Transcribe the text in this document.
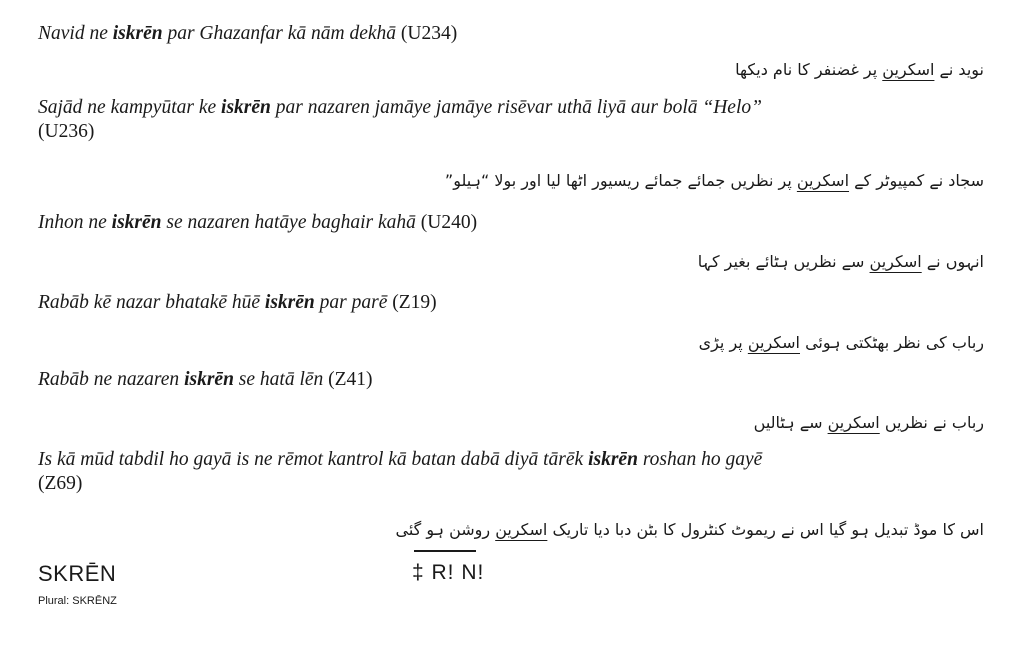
Navid ne iskrēn par Ghazanfar kā nām dekhā (U234)
نوید نے اسکرین پر غضنفر کا نام دیکھا
Sajād ne kampyūtar ke iskrēn par nazaren jamāye jamāye risēvar uthā liyā aur bolā “Helo”
(U236)
سجاد نے کمپیوٹر کے اسکرین پر نظریں جمائے جمائے ریسیور اٹھا لیا اور بولا “ہیلو”
Inhon ne iskrēn se nazaren hatāye baghair kahā (U240)
انہوں نے اسکرین سے نظریں ہٹائے بغیر کہا
Rabāb kē nazar bhatakē hūē iskrēn par parē (Z19)
رباب کی نظر بھٹکتی ہوئی اسکرین پر پڑی
Rabāb ne nazaren iskrēn se hatā lēn (Z41)
رباب نے نظریں اسکرین سے ہٹالیں
Is kā mūd tabdil ho gayā is ne rēmot kantrol kā batan dabā diyā tārēk iskrēn roshan ho gayē
(Z69)
اس کا موڈ تبدیل ہو گیا اس نے ریموٹ کنٹرول کا بٹن دبا دیا تاریک اسکرین روشن ہو گئی
SKRĒN
Plural: SKRĒNZ
‡ R! N!
